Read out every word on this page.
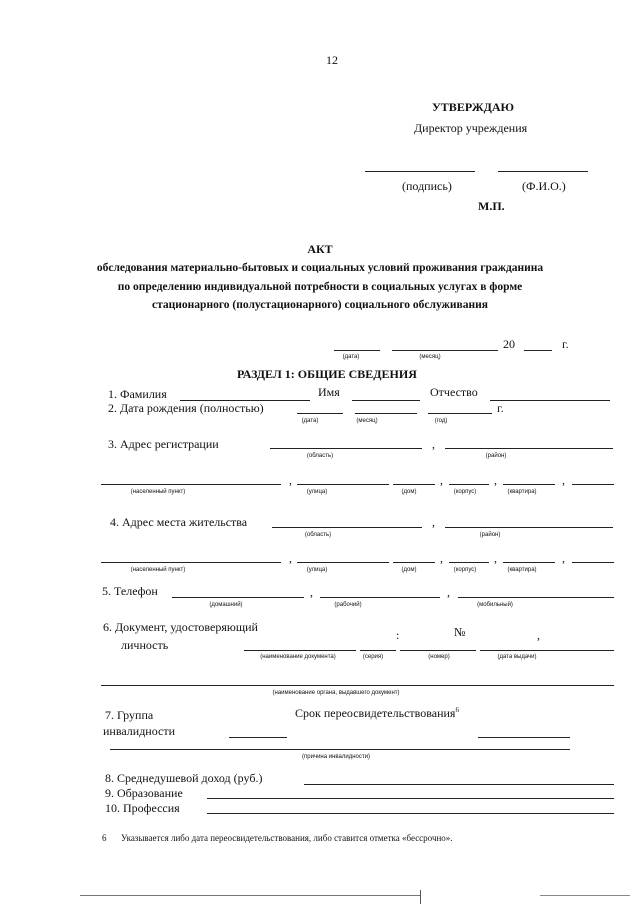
12
УТВЕРЖДАЮ
Директор учреждения
(подпись)	(Ф.И.О.)
М.П.
АКТ
обследования материально-бытовых и социальных условий проживания гражданина
по определению индивидуальной потребности в социальных услугах в форме
стационарного (полустационарного) социального обслуживания
20	г.
(дата)	(месяц)
РАЗДЕЛ 1: ОБЩИЕ СВЕДЕНИЯ
1. Фамилия	Имя	Отчество
2. Дата рождения (полностью)	г.
(дата)	(месяц)	(год)
3. Адрес регистрации	,
(область)	(район)
,	,	,	,
(населенный пункт)	(улица)	(дом)	(корпус)	(квартира)
4. Адрес места жительства	,
(область)	(район)
,	,	,	,
(населенный пункт)	(улица)	(дом)	(корпус)	(квартира)
5. Телефон	,	,
(домашний)	(рабочий)	(мобильный)
6. Документ, удостоверяющий
личность
:	№	,
(наименование документа)	(серия)	(номер)	(дата выдачи)
(наименование органа, выдавшего документ)
7. Группа
инвалидности
Срок переосвидетельствования$^6$
(причина инвалидности)
8. Среднедушевой доход (руб.)
9. Образование
10. Профессия
6 Указывается либо дата переосвидетельствования, либо ставится отметка «бессрочно».
